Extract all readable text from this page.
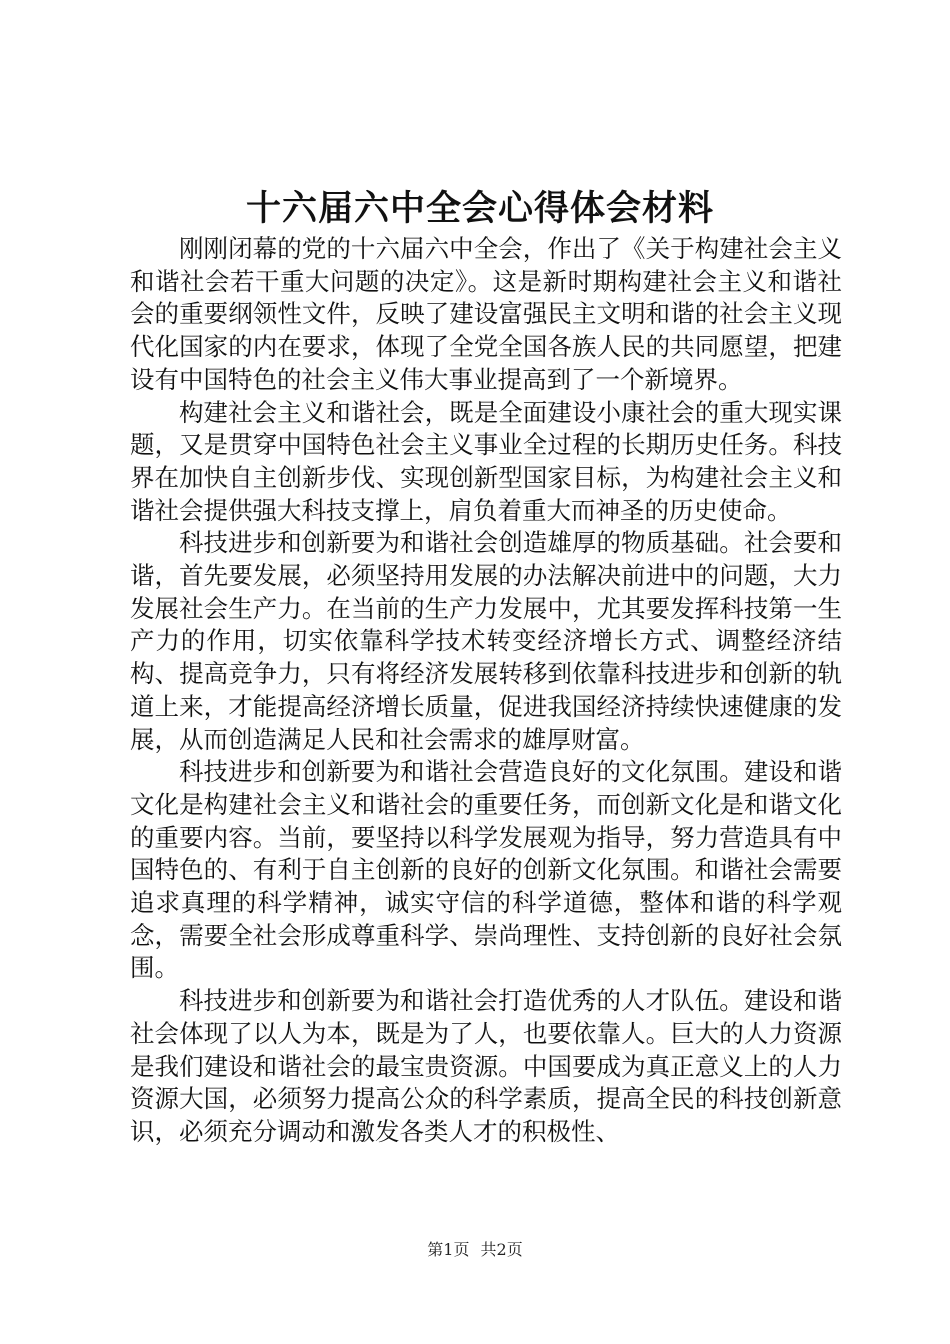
十六届六中全会心得体会材料

刚刚闭幕的党的十六届六中全会，作出了《关于构建社会主义和谐社会若干重大问题的决定》。这是新时期构建社会主义和谐社会的重要纲领性文件，反映了建设富强民主文明和谐的社会主义现代化国家的内在要求，体现了全党全国各族人民的共同愿望，把建设有中国特色的社会主义伟大事业提高到了一个新境界。

构建社会主义和谐社会，既是全面建设小康社会的重大现实课题，又是贯穿中国特色社会主义事业全过程的长期历史任务。科技界在加快自主创新步伐、实现创新型国家目标，为构建社会主义和谐社会提供强大科技支撑上，肩负着重大而神圣的历史使命。

科技进步和创新要为和谐社会创造雄厚的物质基础。社会要和谐，首先要发展，必须坚持用发展的办法解决前进中的问题，大力发展社会生产力。在当前的生产力发展中，尤其要发挥科技第一生产力的作用，切实依靠科学技术转变经济增长方式、调整经济结构、提高竞争力，只有将经济发展转移到依靠科技进步和创新的轨道上来，才能提高经济增长质量，促进我国经济持续快速健康的发展，从而创造满足人民和社会需求的雄厚财富。

科技进步和创新要为和谐社会营造良好的文化氛围。建设和谐文化是构建社会主义和谐社会的重要任务，而创新文化是和谐文化的重要内容。当前，要坚持以科学发展观为指导，努力营造具有中国特色的、有利于自主创新的良好的创新文化氛围。和谐社会需要追求真理的科学精神，诚实守信的科学道德，整体和谐的科学观念，需要全社会形成尊重科学、崇尚理性、支持创新的良好社会氛围。

科技进步和创新要为和谐社会打造优秀的人才队伍。建设和谐社会体现了以人为本，既是为了人，也要依靠人。巨大的人力资源是我们建设和谐社会的最宝贵资源。中国要成为真正意义上的人力资源大国，必须努力提高公众的科学素质，提高全民的科技创新意识，必须充分调动和激发各类人才的积极性、

第1页 共2页
